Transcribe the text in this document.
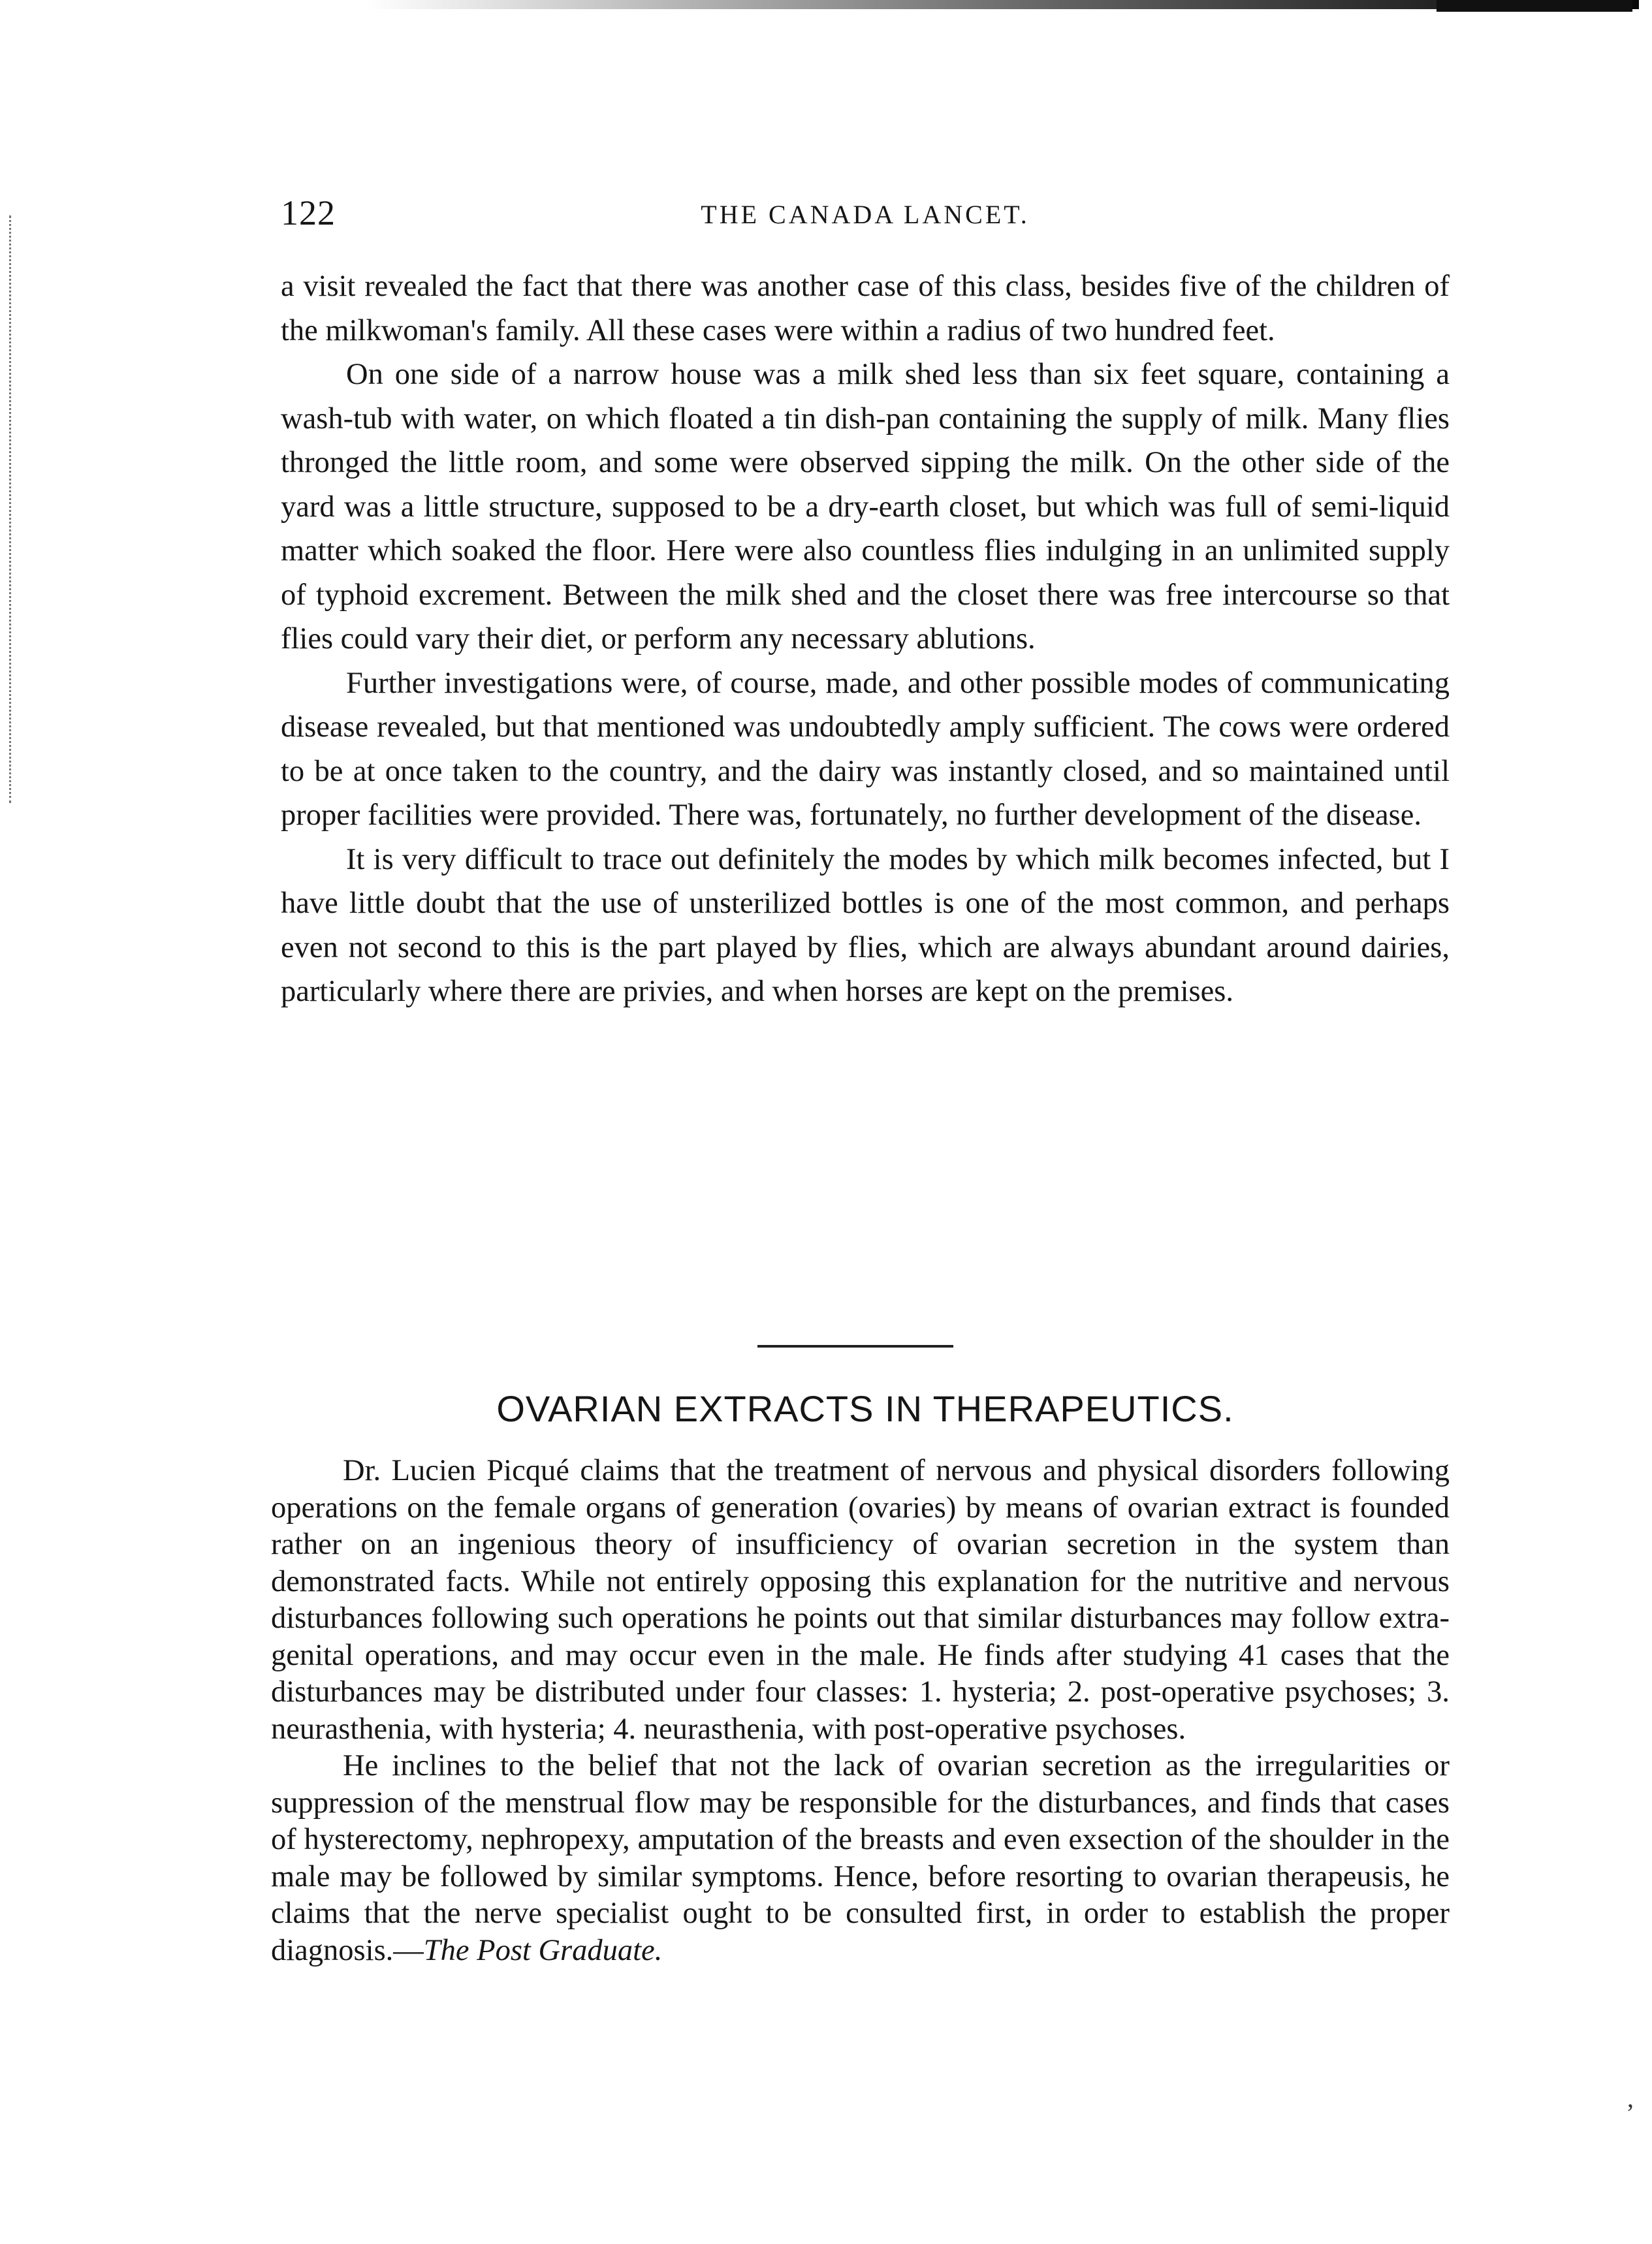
122	THE CANADA LANCET.

a visit revealed the fact that there was another case of this class, besides five of the children of the milkwoman's family. All these cases were within a radius of two hundred feet.

On one side of a narrow house was a milk shed less than six feet square, containing a wash-tub with water, on which floated a tin dish-pan containing the supply of milk. Many flies thronged the little room, and some were observed sipping the milk. On the other side of the yard was a little structure, supposed to be a dry-earth closet, but which was full of semi-liquid matter which soaked the floor. Here were also countless flies indulging in an unlimited supply of typhoid excrement. Between the milk shed and the closet there was free intercourse so that flies could vary their diet, or perform any necessary ablutions.

Further investigations were, of course, made, and other possible modes of communicating disease revealed, but that mentioned was undoubtedly amply sufficient. The cows were ordered to be at once taken to the country, and the dairy was instantly closed, and so maintained until proper facilities were provided. There was, fortunately, no further development of the disease.

It is very difficult to trace out definitely the modes by which milk becomes infected, but I have little doubt that the use of unsterilized bottles is one of the most common, and perhaps even not second to this is the part played by flies, which are always abundant around dairies, particularly where there are privies, and when horses are kept on the premises.

OVARIAN EXTRACTS IN THERAPEUTICS.

Dr. Lucien Picqué claims that the treatment of nervous and physical disorders following operations on the female organs of generation (ovaries) by means of ovarian extract is founded rather on an ingenious theory of insufficiency of ovarian secretion in the system than demonstrated facts. While not entirely opposing this explanation for the nutritive and nervous disturbances following such operations he points out that similar disturbances may follow extra-genital operations, and may occur even in the male. He finds after studying 41 cases that the disturbances may be distributed under four classes: 1. hysteria; 2. post-operative psychoses; 3. neurasthenia, with hysteria; 4. neurasthenia, with post-operative psychoses.

He inclines to the belief that not the lack of ovarian secretion as the irregularities or suppression of the menstrual flow may be responsible for the disturbances, and finds that cases of hysterectomy, nephropexy, amputation of the breasts and even exsection of the shoulder in the male may be followed by similar symptoms. Hence, before resorting to ovarian therapeusis, he claims that the nerve specialist ought to be consulted first, in order to establish the proper diagnosis.—The Post Graduate.

‚
